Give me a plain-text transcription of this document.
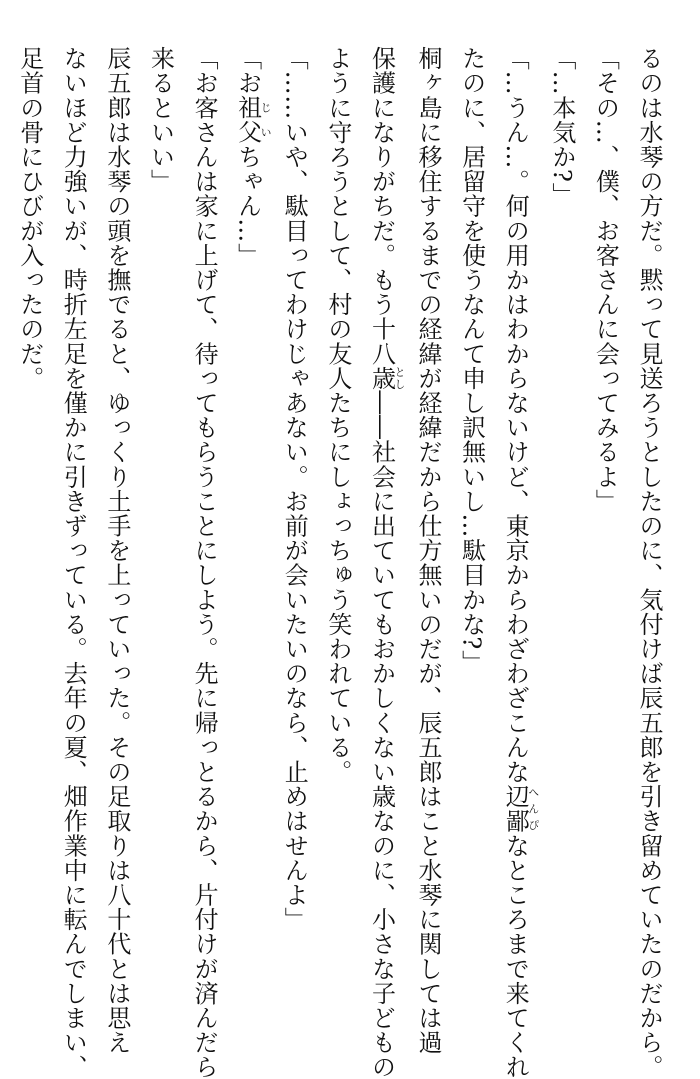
るのは水琴の方だ。黙って見送ろうとしたのに、気付けば辰五郎を引き留めていたのだから。

「その…、僕、お客さんに会ってみるよ」

「…本気か?」

「…うん…。何の用かはわからないけど、東京からわざわざこんな辺鄙へんぴなところまで来てくれ

たのに、居留守を使うなんて申し訳無いし…駄目かな?」

桐ヶ島に移住するまでの経緯が経緯だから仕方無いのだが、辰五郎はこと水琴に関しては過

保護になりがちだ。もう十八歳とし――社会に出ていてもおかしくない歳なのに、小さな子どもの

ように守ろうとして、村の友人たちにしょっちゅう笑われている。

「……いや、駄目ってわけじゃあない。お前が会いたいのなら、止めはせんよ」

「お祖父じいちゃん…」

「お客さんは家に上げて、待ってもらうことにしよう。先に帰っとるから、片付けが済んだら

来るといい」

辰五郎は水琴の頭を撫でると、ゆっくり土手を上っていった。その足取りは八十代とは思え

ないほど力強いが、時折左足を僅かに引きずっている。去年の夏、畑作業中に転んでしまい、

足首の骨にひびが入ったのだ。
